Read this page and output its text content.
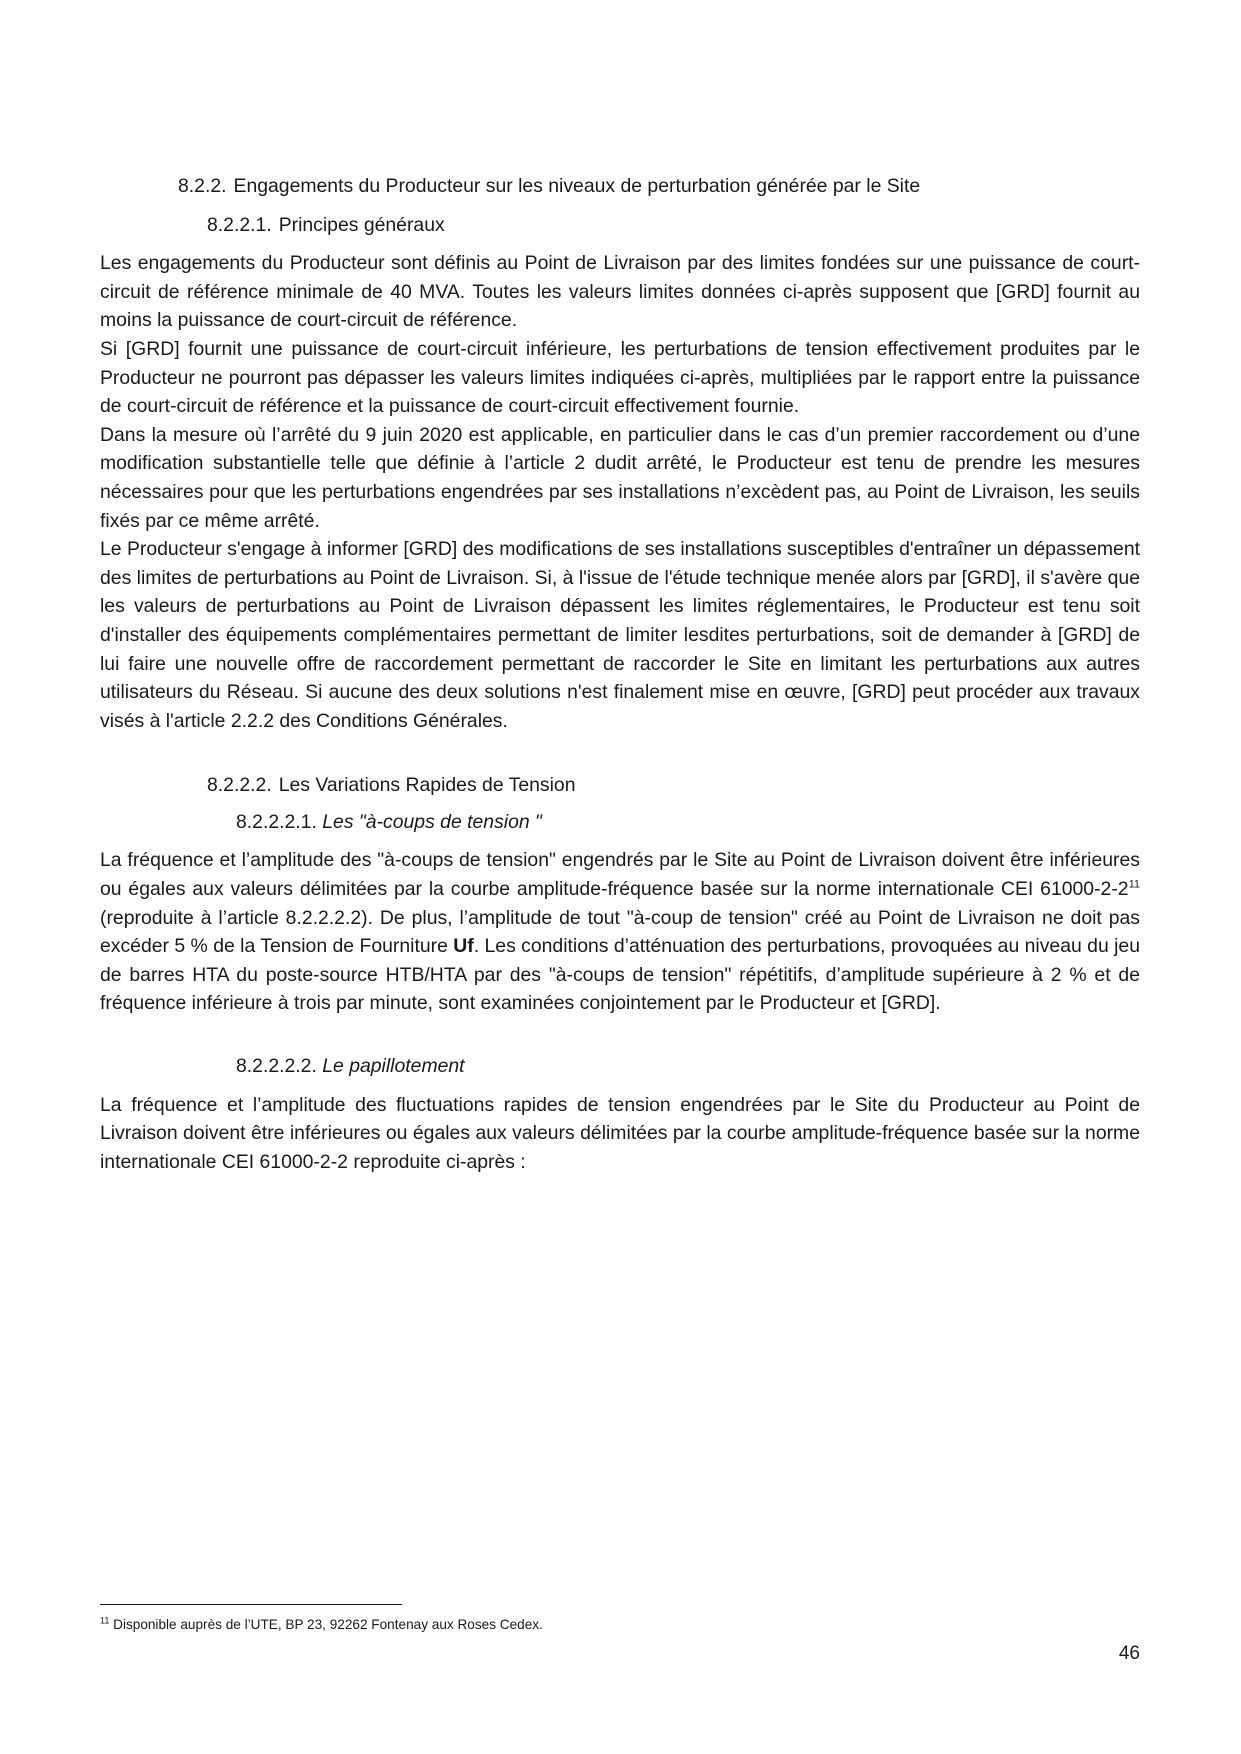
8.2.2. Engagements du Producteur sur les niveaux de perturbation générée par le Site
8.2.2.1. Principes généraux

Les engagements du Producteur sont définis au Point de Livraison par des limites fondées sur une puissance de court-circuit de référence minimale de 40 MVA. Toutes les valeurs limites données ci-après supposent que [GRD] fournit au moins la puissance de court-circuit de référence.

Si [GRD] fournit une puissance de court-circuit inférieure, les perturbations de tension effectivement produites par le Producteur ne pourront pas dépasser les valeurs limites indiquées ci-après, multipliées par le rapport entre la puissance de court-circuit de référence et la puissance de court-circuit effectivement fournie.

Dans la mesure où l’arrêté du 9 juin 2020 est applicable, en particulier dans le cas d’un premier raccordement ou d’une modification substantielle telle que définie à l’article 2 dudit arrêté, le Producteur est tenu de prendre les mesures nécessaires pour que les perturbations engendrées par ses installations n’excèdent pas, au Point de Livraison, les seuils fixés par ce même arrêté.

Le Producteur s'engage à informer [GRD] des modifications de ses installations susceptibles d'entraîner un dépassement des limites de perturbations au Point de Livraison. Si, à l'issue de l'étude technique menée alors par [GRD], il s'avère que les valeurs de perturbations au Point de Livraison dépassent les limites réglementaires, le Producteur est tenu soit d'installer des équipements complémentaires permettant de limiter lesdites perturbations, soit de demander à [GRD] de lui faire une nouvelle offre de raccordement permettant de raccorder le Site en limitant les perturbations aux autres utilisateurs du Réseau. Si aucune des deux solutions n'est finalement mise en œuvre, [GRD] peut procéder aux travaux visés à l'article 2.2.2 des Conditions Générales.

8.2.2.2. Les Variations Rapides de Tension
8.2.2.2.1. Les "à-coups de tension "

La fréquence et l’amplitude des "à-coups de tension" engendrés par le Site au Point de Livraison doivent être inférieures ou égales aux valeurs délimitées par la courbe amplitude-fréquence basée sur la norme internationale CEI $61000-2-2^{11}$ (reproduite à l’article 8.2.2.2.2). De plus, l’amplitude de tout "à-coup de tension" créé au Point de Livraison ne doit pas excéder 5 % de la Tension de Fourniture Uf. Les conditions d’atténuation des perturbations, provoquées au niveau du jeu de barres HTA du poste-source HTB/HTA par des "à-coups de tension" répétitifs, d’amplitude supérieure à 2 % et de fréquence inférieure à trois par minute, sont examinées conjointement par le Producteur et [GRD].

8.2.2.2.2. Le papillotement

La fréquence et l’amplitude des fluctuations rapides de tension engendrées par le Site du Producteur au Point de Livraison doivent être inférieures ou égales aux valeurs délimitées par la courbe amplitude-fréquence basée sur la norme internationale CEI 61000-2-2 reproduite ci-après :

$^{11}$ Disponible auprès de l’UTE, BP 23, 92262 Fontenay aux Roses Cedex.
46
